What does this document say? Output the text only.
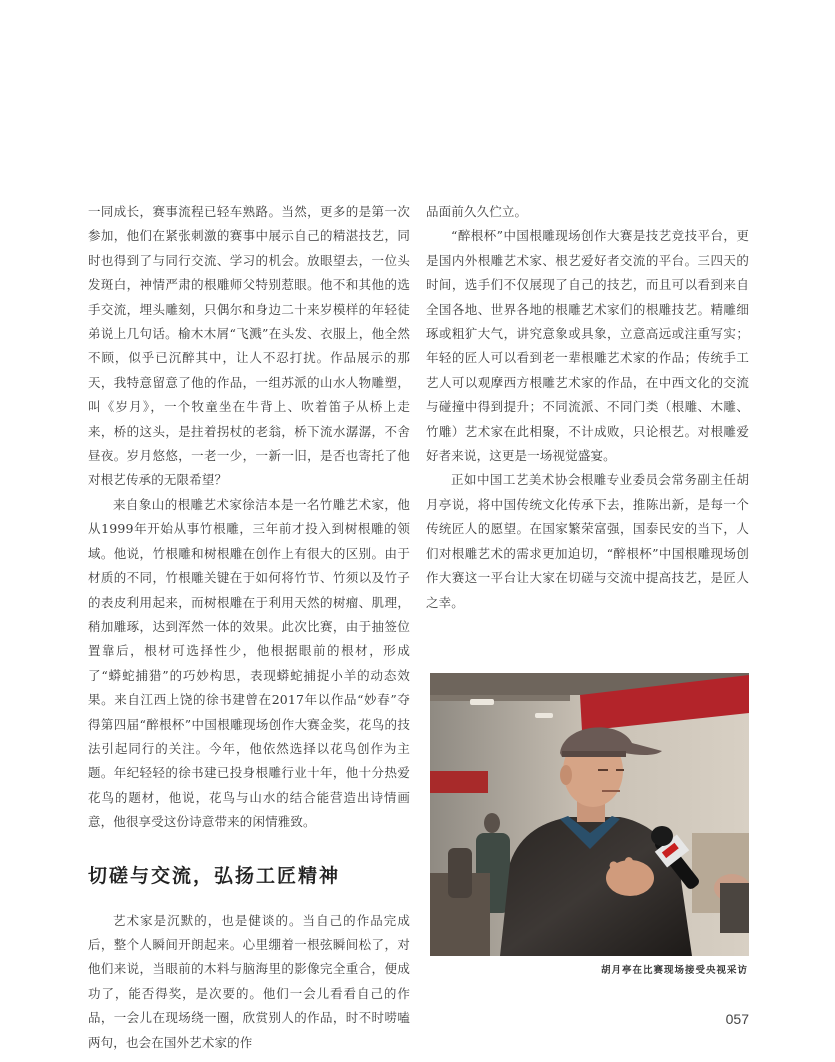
一同成长，赛事流程已轻车熟路。当然，更多的是第一次参加，他们在紧张刺激的赛事中展示自己的精湛技艺，同时也得到了与同行交流、学习的机会。放眼望去，一位头发斑白，神情严肃的根雕师父特别惹眼。他不和其他的选手交流，埋头雕刻，只偶尔和身边二十来岁模样的年轻徒弟说上几句话。榆木木屑“飞溅”在头发、衣服上，他全然不顾，似乎已沉醉其中，让人不忍打扰。作品展示的那天，我特意留意了他的作品，一组苏派的山水人物雕塑，叫《岁月》，一个牧童坐在牛背上、吹着笛子从桥上走来，桥的这头，是拄着拐杖的老翁，桥下流水潺潺，不舍昼夜。岁月悠悠，一老一少，一新一旧，是否也寄托了他对根艺传承的无限希望？

来自象山的根雕艺术家徐洁本是一名竹雕艺术家，他从1999年开始从事竹根雕，三年前才投入到树根雕的领域。他说，竹根雕和树根雕在创作上有很大的区别。由于材质的不同，竹根雕关键在于如何将竹节、竹须以及竹子的表皮利用起来，而树根雕在于利用天然的树瘤、肌理，稍加雕琢，达到浑然一体的效果。此次比赛，由于抽签位置靠后，根材可选择性少，他根据眼前的根材，形成了“蟒蛇捕猎”的巧妙构思，表现蟒蛇捕捉小羊的动态效果。来自江西上饶的徐书建曾在2017年以作品“妙春”夺得第四届“醉根杯”中国根雕现场创作大赛金奖，花鸟的技法引起同行的关注。今年，他依然选择以花鸟创作为主题。年纪轻轻的徐书建已投身根雕行业十年，他十分热爱花鸟的题材，他说，花鸟与山水的结合能营造出诗情画意，他很享受这份诗意带来的闲情雅致。

切磋与交流，弘扬工匠精神

艺术家是沉默的，也是健谈的。当自己的作品完成后，整个人瞬间开朗起来。心里绷着一根弦瞬间松了，对他们来说，当眼前的木料与脑海里的影像完全重合，便成功了，能否得奖，是次要的。他们一会儿看看自己的作品，一会儿在现场绕一圈，欣赏别人的作品，时不时唠嗑两句，也会在国外艺术家的作

品面前久久伫立。

“醉根杯”中国根雕现场创作大赛是技艺竞技平台，更是国内外根雕艺术家、根艺爱好者交流的平台。三四天的时间，选手们不仅展现了自己的技艺，而且可以看到来自全国各地、世界各地的根雕艺术家们的根雕技艺。精雕细琢或粗犷大气，讲究意象或具象，立意高远或注重写实；年轻的匠人可以看到老一辈根雕艺术家的作品；传统手工艺人可以观摩西方根雕艺术家的作品，在中西文化的交流与碰撞中得到提升；不同流派、不同门类（根雕、木雕、竹雕）艺术家在此相聚，不计成败，只论根艺。对根雕爱好者来说，这更是一场视觉盛宴。

正如中国工艺美术协会根雕专业委员会常务副主任胡月亭说，将中国传统文化传承下去，推陈出新，是每一个传统匠人的愿望。在国家繁荣富强，国泰民安的当下，人们对根雕艺术的需求更加迫切，“醉根杯”中国根雕现场创作大赛这一平台让大家在切磋与交流中提高技艺，是匠人之幸。

胡月亭在比赛现场接受央视采访
057
